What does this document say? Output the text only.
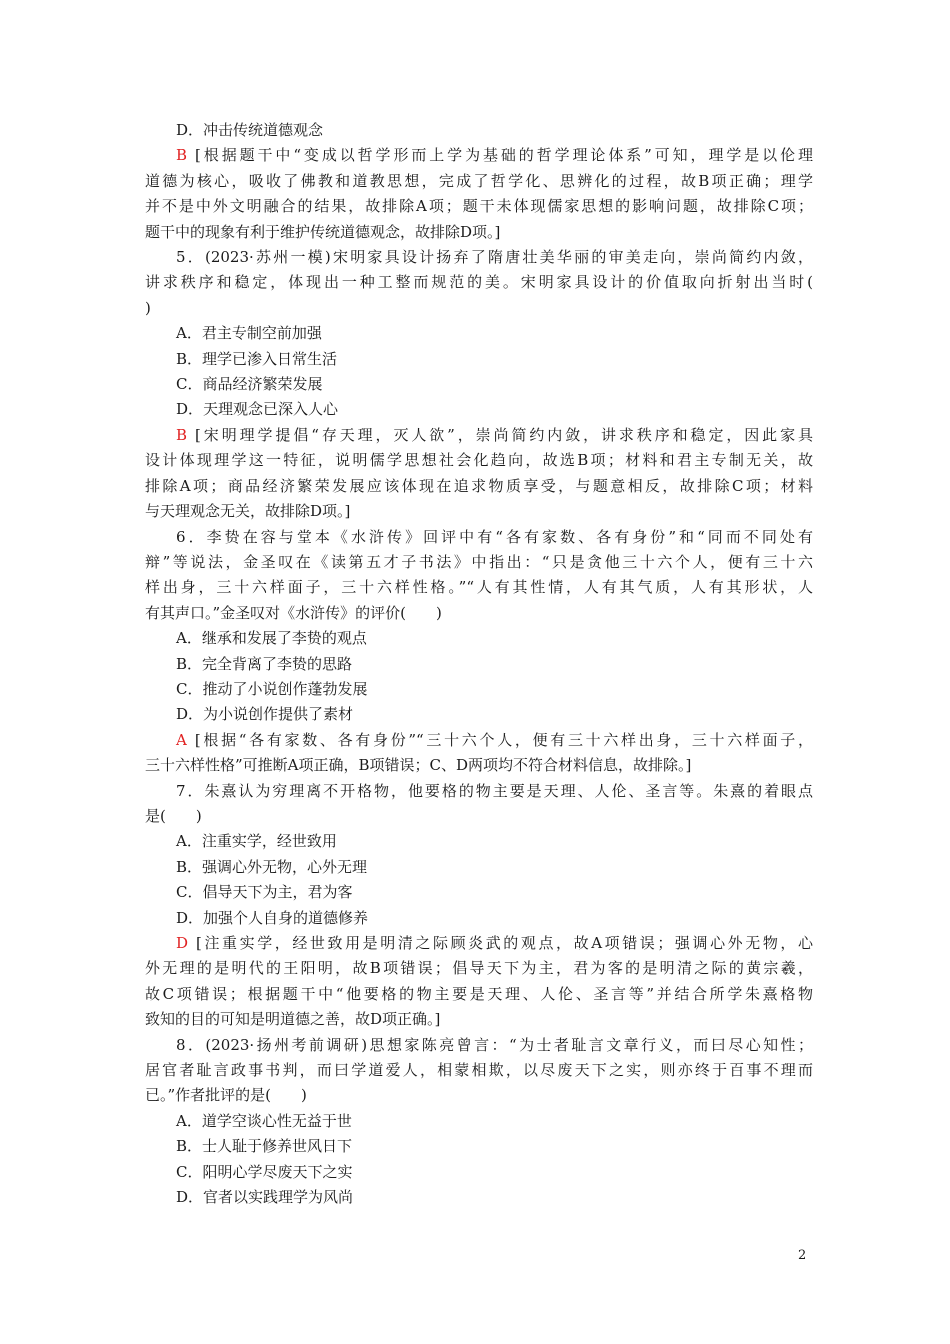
D．冲击传统道德观念
B [根据题干中“变成以哲学形而上学为基础的哲学理论体系”可知，理学是以伦理
道德为核心，吸收了佛教和道教思想，完成了哲学化、思辨化的过程，故B项正确；理学
并不是中外文明融合的结果，故排除A项；题干未体现儒家思想的影响问题，故排除C项；
题干中的现象有利于维护传统道德观念，故排除D项。]
5．(2023·苏州一模)宋明家具设计扬弃了隋唐壮美华丽的审美走向，崇尚简约内敛，
讲求秩序和稳定，体现出一种工整而规范的美。宋明家具设计的价值取向折射出当时(
)
A．君主专制空前加强
B．理学已渗入日常生活
C．商品经济繁荣发展
D．天理观念已深入人心
B [宋明理学提倡“存天理，灭人欲”，崇尚简约内敛，讲求秩序和稳定，因此家具
设计体现理学这一特征，说明儒学思想社会化趋向，故选B项；材料和君主专制无关，故
排除A项；商品经济繁荣发展应该体现在追求物质享受，与题意相反，故排除C项；材料
与天理观念无关，故排除D项。]
6．李贽在容与堂本《水浒传》回评中有“各有家数、各有身份”和“同而不同处有
辩”等说法，金圣叹在《读第五才子书法》中指出：“只是贪他三十六个人，便有三十六
样出身，三十六样面子，三十六样性格。”“人有其性情，人有其气质，人有其形状，人
有其声口。”金圣叹对《水浒传》的评价(　　)
A．继承和发展了李贽的观点
B．完全背离了李贽的思路
C．推动了小说创作蓬勃发展
D．为小说创作提供了素材
A [根据“各有家数、各有身份”“三十六个人，便有三十六样出身，三十六样面子，
三十六样性格”可推断A项正确，B项错误；C、D两项均不符合材料信息，故排除。]
7．朱熹认为穷理离不开格物，他要格的物主要是天理、人伦、圣言等。朱熹的着眼点
是(　　)
A．注重实学，经世致用
B．强调心外无物，心外无理
C．倡导天下为主，君为客
D．加强个人自身的道德修养
D [注重实学，经世致用是明清之际顾炎武的观点，故A项错误；强调心外无物，心
外无理的是明代的王阳明，故B项错误；倡导天下为主，君为客的是明清之际的黄宗羲，
故C项错误；根据题干中“他要格的物主要是天理、人伦、圣言等”并结合所学朱熹格物
致知的目的可知是明道德之善，故D项正确。]
8．(2023·扬州考前调研)思想家陈亮曾言：“为士者耻言文章行义，而曰尽心知性；
居官者耻言政事书判，而曰学道爱人，相蒙相欺，以尽废天下之实，则亦终于百事不理而
已。”作者批评的是(　　)
A．道学空谈心性无益于世
B．士人耻于修养世风日下
C．阳明心学尽废天下之实
D．官者以实践理学为风尚
2
